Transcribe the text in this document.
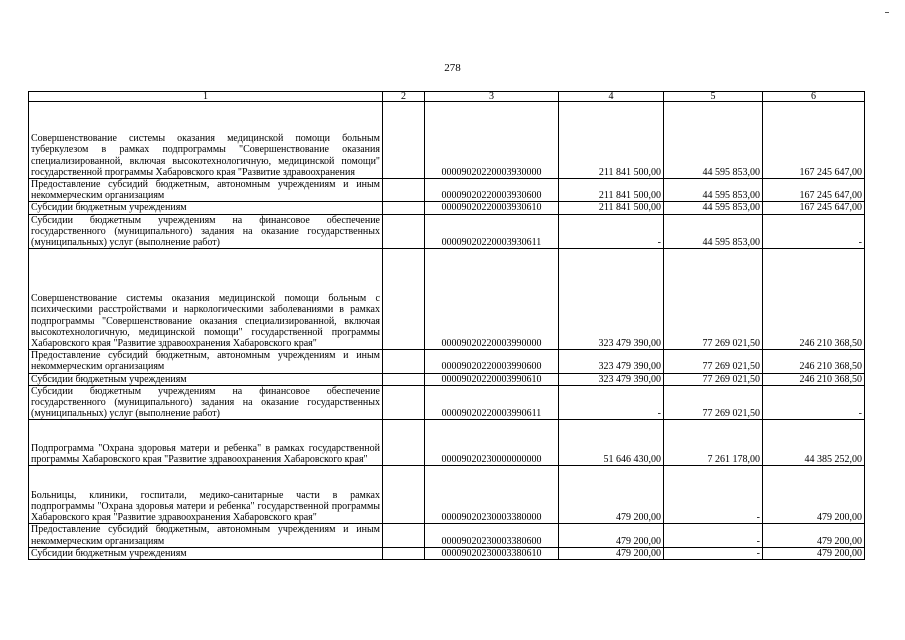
278
1	2	3	4	5	6
Совершенствование системы оказания медицинской помощи больным туберкулезом в рамках подпрограммы "Совершенствование оказания специализированной, включая высокотехнологичную, медицинской помощи" государственной программы Хабаровского края "Развитие здравоохранения		00009020220003930000	211 841 500,00	44 595 853,00	167 245 647,00
Предоставление субсидий бюджетным, автономным учреждениям и иным некоммерческим организациям		00009020220003930600	211 841 500,00	44 595 853,00	167 245 647,00
Субсидии бюджетным учреждениям		00009020220003930610	211 841 500,00	44 595 853,00	167 245 647,00
Субсидии бюджетным учреждениям на финансовое обеспечение государственного (муниципального) задания на оказание государственных (муниципальных) услуг (выполнение работ)		00009020220003930611	-	44 595 853,00	-
Совершенствование системы оказания медицинской помощи больным с психическими расстройствами и наркологическими заболеваниями в рамках подпрограммы "Совершенствование оказания специализированной, включая высокотехнологичную, медицинской помощи" государственной программы Хабаровского края "Развитие здравоохранения Хабаровского края"		00009020220003990000	323 479 390,00	77 269 021,50	246 210 368,50
Предоставление субсидий бюджетным, автономным учреждениям и иным некоммерческим организациям		00009020220003990600	323 479 390,00	77 269 021,50	246 210 368,50
Субсидии бюджетным учреждениям		00009020220003990610	323 479 390,00	77 269 021,50	246 210 368,50
Субсидии бюджетным учреждениям на финансовое обеспечение государственного (муниципального) задания на оказание государственных (муниципальных) услуг (выполнение работ)		00009020220003990611	-	77 269 021,50	-
Подпрограмма "Охрана здоровья матери и ребенка" в рамках государственной программы Хабаровского края "Развитие здравоохранения Хабаровского края"		00009020230000000000	51 646 430,00	7 261 178,00	44 385 252,00
Больницы, клиники, госпитали, медико-санитарные части в рамках подпрограммы "Охрана здоровья матери и ребенка" государственной программы Хабаровского края "Развитие здравоохранения Хабаровского края"		00009020230003380000	479 200,00	-	479 200,00
Предоставление субсидий бюджетным, автономным учреждениям и иным некоммерческим организациям		00009020230003380600	479 200,00	-	479 200,00
Субсидии бюджетным учреждениям		00009020230003380610	479 200,00	-	479 200,00
